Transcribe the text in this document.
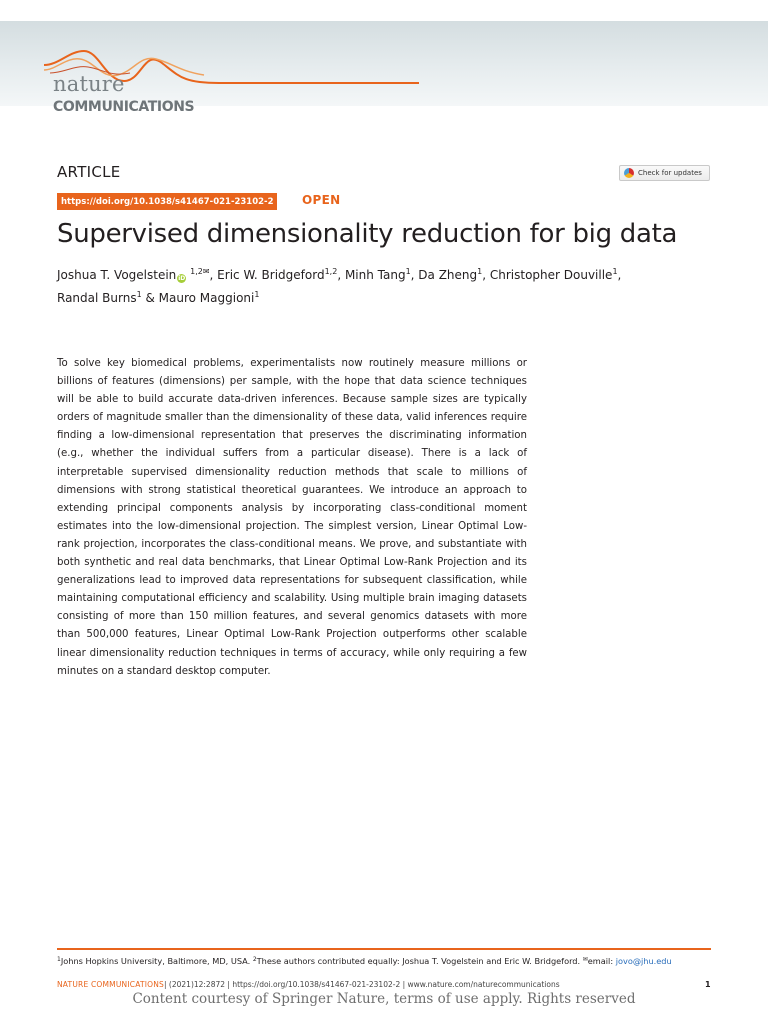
nature
COMMUNICATIONS
ARTICLE	Check for updates
https://doi.org/10.1038/s41467-021-23102-2	OPEN
Supervised dimensionality reduction for big data
Joshua T. Vogelstein iD $^{1,2✉}$, Eric W. Bridgeford$^{1,2}$, Minh Tang$^1$, Da Zheng$^1$, Christopher Douville$^1$,
Randal Burns$^1$ & Mauro Maggioni$^1$

To solve key biomedical problems, experimentalists now routinely measure millions or billions of features (dimensions) per sample, with the hope that data science techniques will be able to build accurate data-driven inferences. Because sample sizes are typically orders of magnitude smaller than the dimensionality of these data, valid inferences require finding a low-dimensional representation that preserves the discriminating information (e.g., whether the individual suffers from a particular disease). There is a lack of interpretable supervised dimensionality reduction methods that scale to millions of dimensions with strong statistical theoretical guarantees. We introduce an approach to extending principal components analysis by incorporating class-conditional moment estimates into the low-dimensional projection. The simplest version, Linear Optimal Low-rank projection, incorporates the class-conditional means. We prove, and substantiate with both synthetic and real data benchmarks, that Linear Optimal Low-Rank Projection and its generalizations lead to improved data representations for subsequent classification, while maintaining computational efficiency and scalability. Using multiple brain imaging datasets consisting of more than 150 million features, and several genomics datasets with more than 500,000 features, Linear Optimal Low-Rank Projection outperforms other scalable linear dimensionality reduction techniques in terms of accuracy, while only requiring a few minutes on a standard desktop computer.

$^1$Johns Hopkins University, Baltimore, MD, USA. $^2$These authors contributed equally: Joshua T. Vogelstein and Eric W. Bridgeford. ✉email: jovo@jhu.edu
NATURE COMMUNICATIONS| (2021)12:2872 | https://doi.org/10.1038/s41467-021-23102-2 | www.nature.com/naturecommunications	1
Content courtesy of Springer Nature, terms of use apply. Rights reserved
